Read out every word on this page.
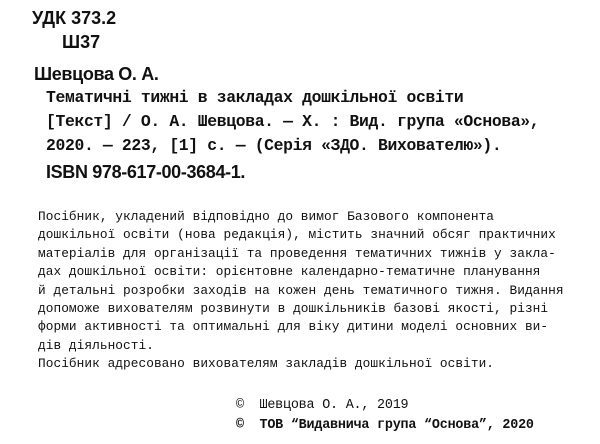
УДК 373.2
Ш37
Шевцова О. А.
Тематичні тижні в закладах дошкільної освіти
[Текст] / О. А. Шевцова. — Х. : Вид. група «Основа»,
2020. — 223, [1] с. — (Серія «ЗДО. Вихователю»).
ISBN 978-617-00-3684-1.
Посібник, укладений відповідно до вимог Базового компонента
дошкільної освіти (нова редакція), містить значний обсяг практичних
матеріалів для організації та проведення тематичних тижнів у закла-
дах дошкільної освіти: орієнтовне календарно-тематичне планування
й детальні розробки заходів на кожен день тематичного тижня. Видання
допоможе вихователям розвинути в дошкільників базові якості, різні
форми активності та оптимальні для віку дитини моделі основних ви-
дів діяльності.
Посібник адресовано вихователям закладів дошкільної освіти.
©  Шевцова О. А., 2019
©  ТОВ “Видавнича група “Основа”, 2020
